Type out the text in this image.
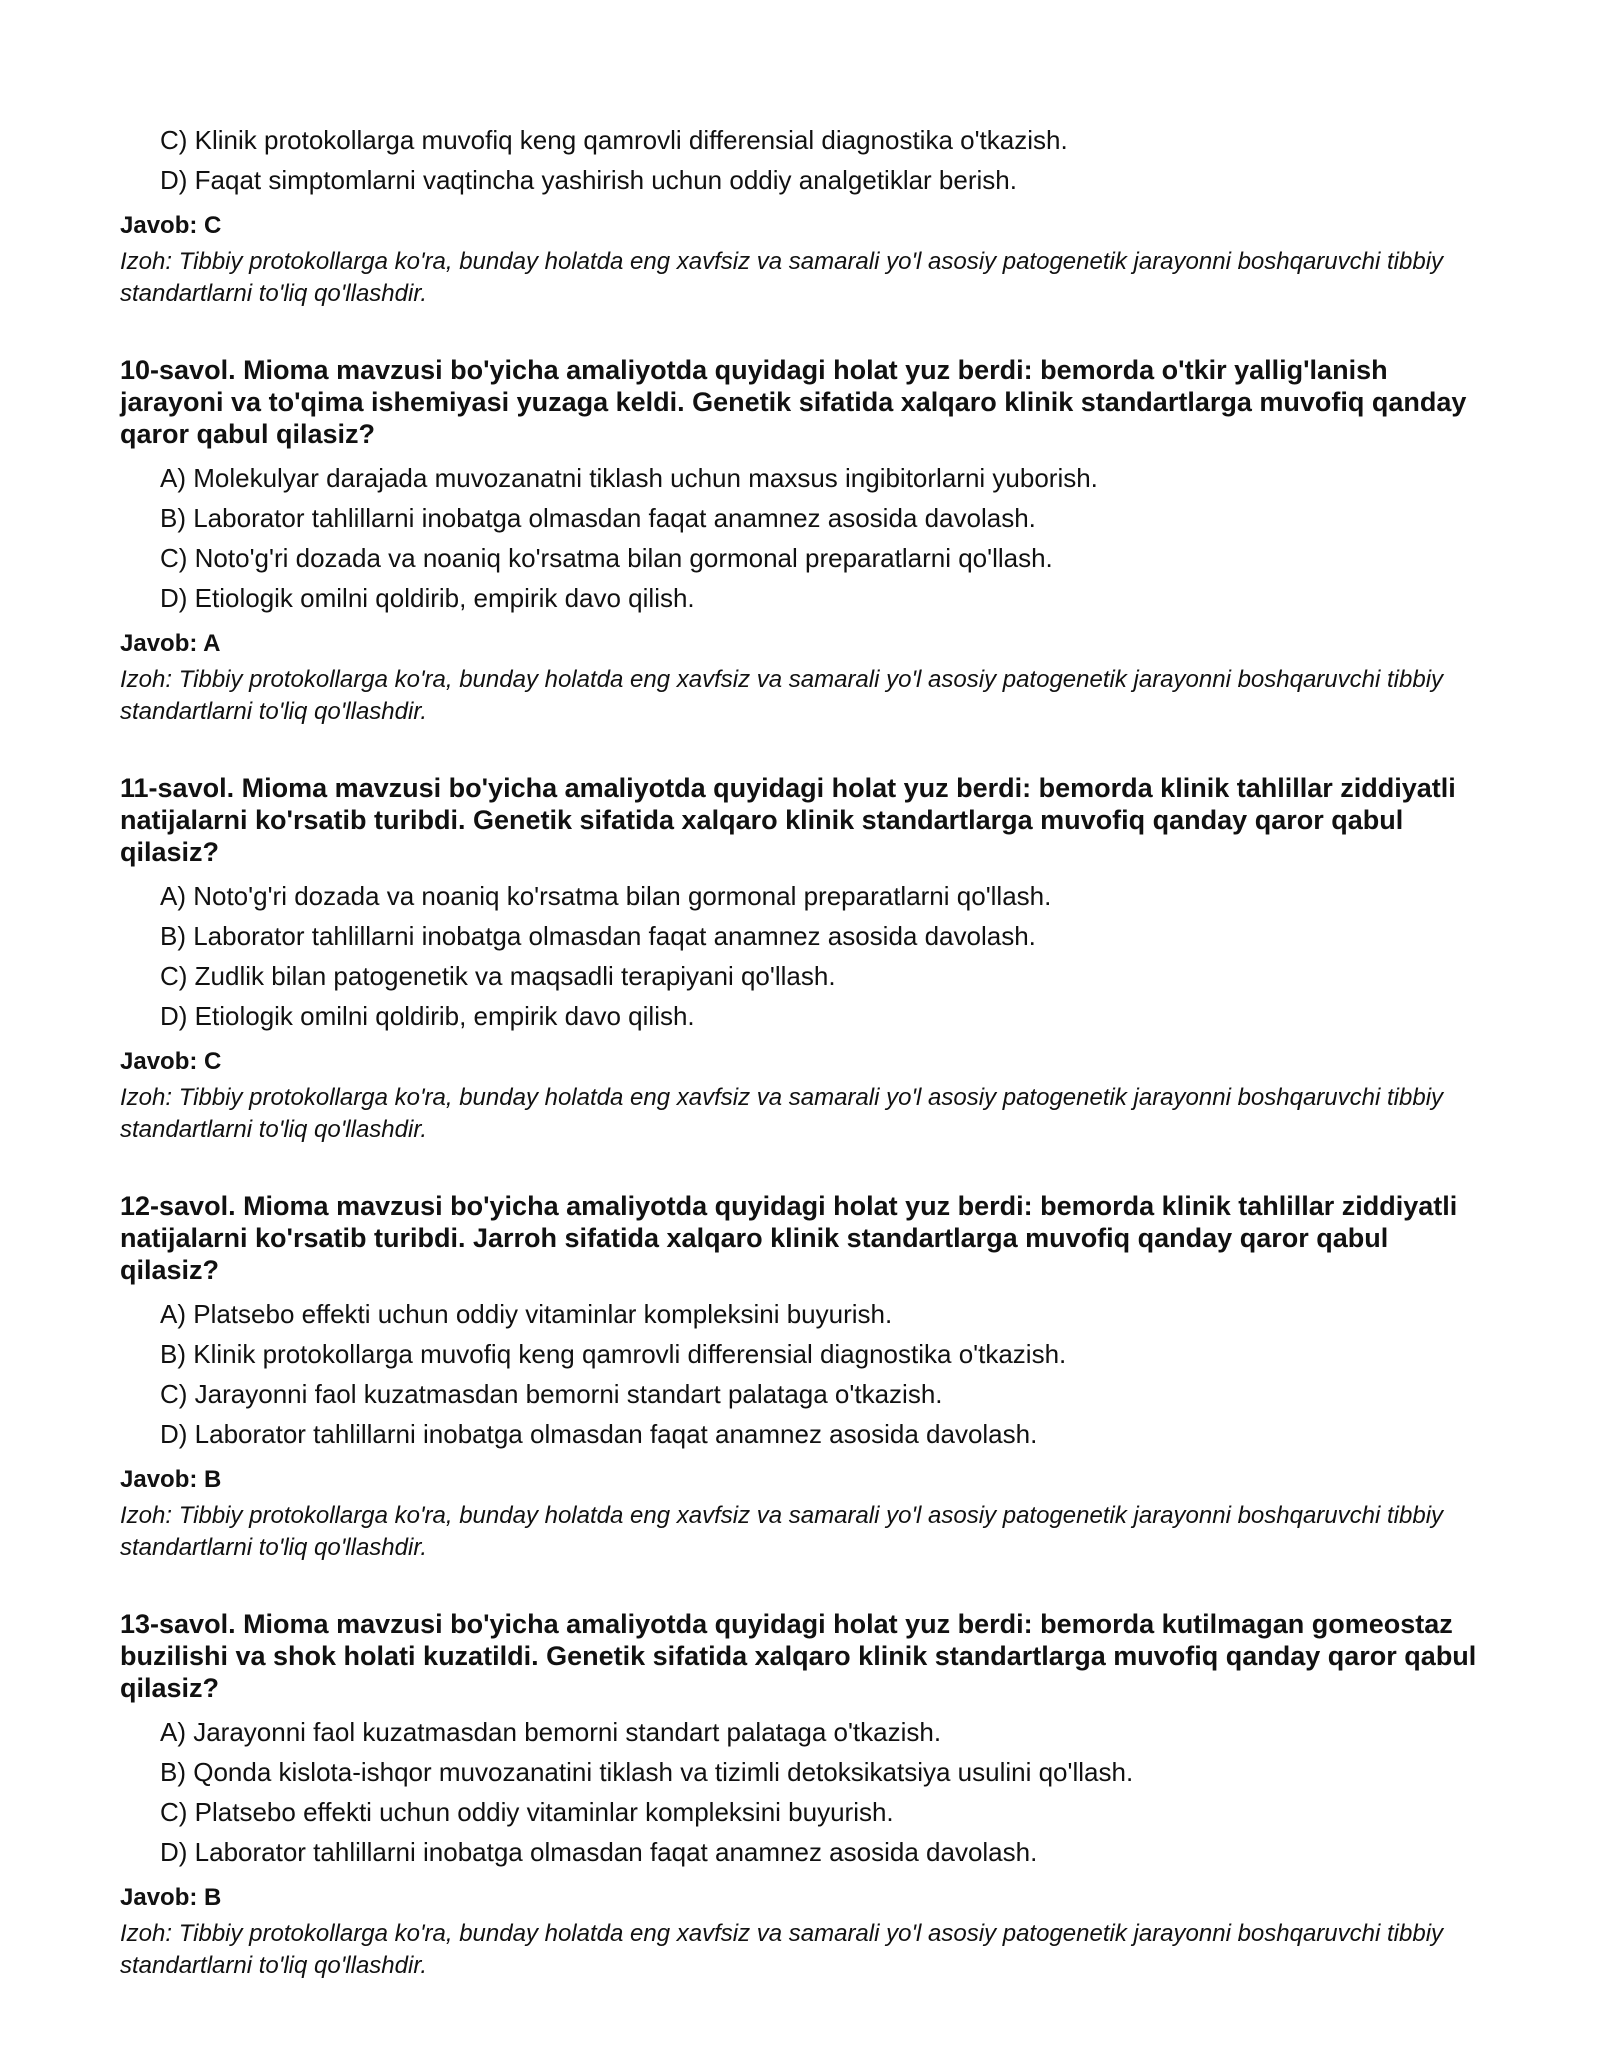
C) Klinik protokollarga muvofiq keng qamrovli differensial diagnostika o'tkazish.

D) Faqat simptomlarni vaqtincha yashirish uchun oddiy analgetiklar berish.

Javob: C
Izoh: Tibbiy protokollarga ko'ra, bunday holatda eng xavfsiz va samarali yo'l asosiy patogenetik jarayonni boshqaruvchi tibbiy standartlarni to'liq qo'llashdir.
10-savol. Mioma mavzusi bo'yicha amaliyotda quyidagi holat yuz berdi: bemorda o'tkir yallig'lanish jarayoni va to'qima ishemiyasi yuzaga keldi. Genetik sifatida xalqaro klinik standartlarga muvofiq qanday qaror qabul qilasiz?

A) Molekulyar darajada muvozanatni tiklash uchun maxsus ingibitorlarni yuborish.

B) Laborator tahlillarni inobatga olmasdan faqat anamnez asosida davolash.

C) Noto'g'ri dozada va noaniq ko'rsatma bilan gormonal preparatlarni qo'llash.

D) Etiologik omilni qoldirib, empirik davo qilish.

Javob: A
Izoh: Tibbiy protokollarga ko'ra, bunday holatda eng xavfsiz va samarali yo'l asosiy patogenetik jarayonni boshqaruvchi tibbiy standartlarni to'liq qo'llashdir.
11-savol. Mioma mavzusi bo'yicha amaliyotda quyidagi holat yuz berdi: bemorda klinik tahlillar ziddiyatli natijalarni ko'rsatib turibdi. Genetik sifatida xalqaro klinik standartlarga muvofiq qanday qaror qabul qilasiz?

A) Noto'g'ri dozada va noaniq ko'rsatma bilan gormonal preparatlarni qo'llash.

B) Laborator tahlillarni inobatga olmasdan faqat anamnez asosida davolash.

C) Zudlik bilan patogenetik va maqsadli terapiyani qo'llash.

D) Etiologik omilni qoldirib, empirik davo qilish.

Javob: C
Izoh: Tibbiy protokollarga ko'ra, bunday holatda eng xavfsiz va samarali yo'l asosiy patogenetik jarayonni boshqaruvchi tibbiy standartlarni to'liq qo'llashdir.
12-savol. Mioma mavzusi bo'yicha amaliyotda quyidagi holat yuz berdi: bemorda klinik tahlillar ziddiyatli natijalarni ko'rsatib turibdi. Jarroh sifatida xalqaro klinik standartlarga muvofiq qanday qaror qabul qilasiz?

A) Platsebo effekti uchun oddiy vitaminlar kompleksini buyurish.

B) Klinik protokollarga muvofiq keng qamrovli differensial diagnostika o'tkazish.

C) Jarayonni faol kuzatmasdan bemorni standart palataga o'tkazish.

D) Laborator tahlillarni inobatga olmasdan faqat anamnez asosida davolash.

Javob: B
Izoh: Tibbiy protokollarga ko'ra, bunday holatda eng xavfsiz va samarali yo'l asosiy patogenetik jarayonni boshqaruvchi tibbiy standartlarni to'liq qo'llashdir.
13-savol. Mioma mavzusi bo'yicha amaliyotda quyidagi holat yuz berdi: bemorda kutilmagan gomeostaz buzilishi va shok holati kuzatildi. Genetik sifatida xalqaro klinik standartlarga muvofiq qanday qaror qabul qilasiz?

A) Jarayonni faol kuzatmasdan bemorni standart palataga o'tkazish.

B) Qonda kislota-ishqor muvozanatini tiklash va tizimli detoksikatsiya usulini qo'llash.

C) Platsebo effekti uchun oddiy vitaminlar kompleksini buyurish.

D) Laborator tahlillarni inobatga olmasdan faqat anamnez asosida davolash.

Javob: B
Izoh: Tibbiy protokollarga ko'ra, bunday holatda eng xavfsiz va samarali yo'l asosiy patogenetik jarayonni boshqaruvchi tibbiy standartlarni to'liq qo'llashdir.
